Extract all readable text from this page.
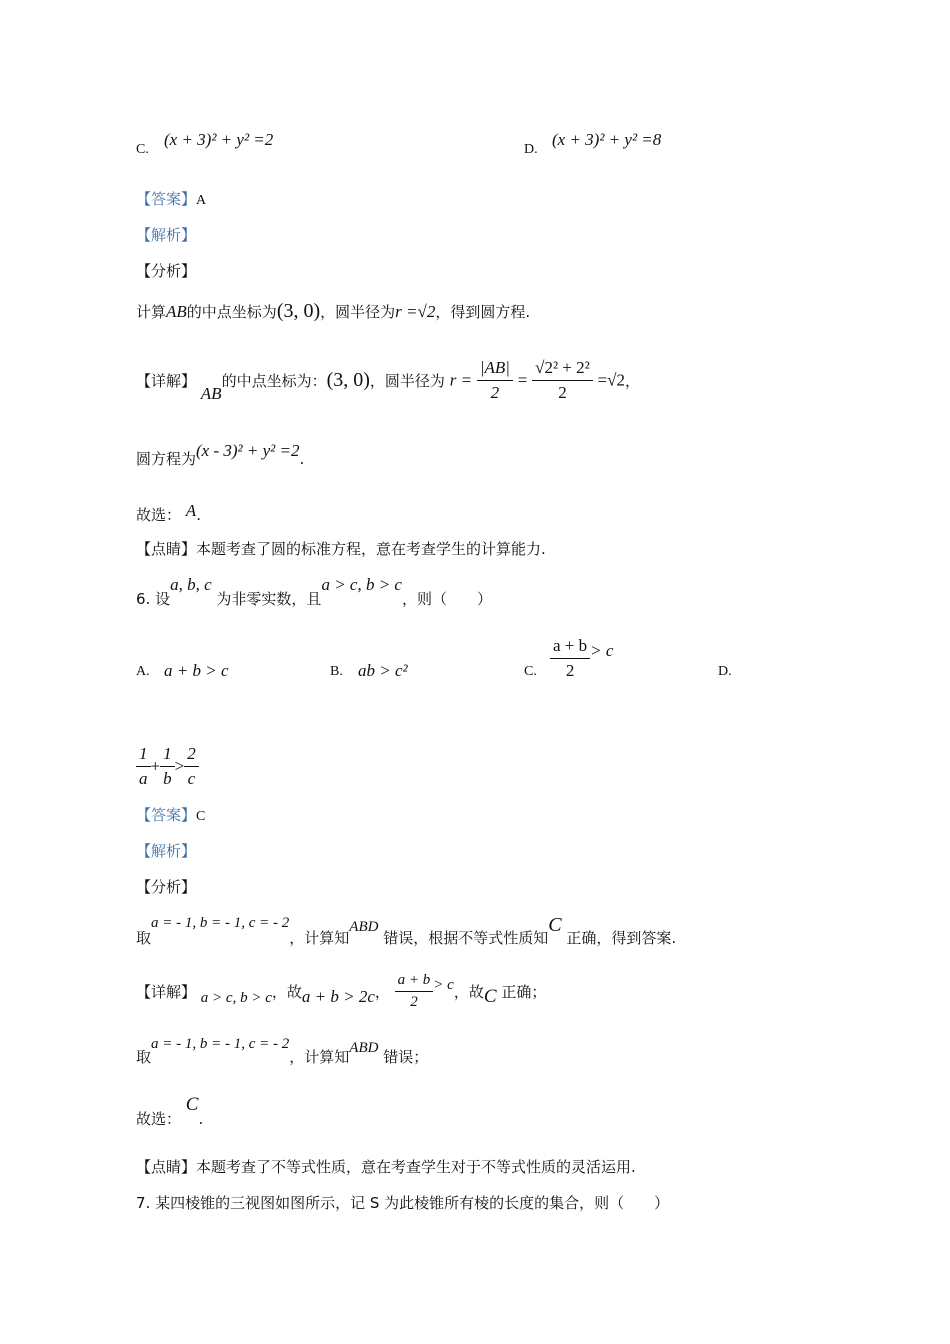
C.
(x + 3)² + y² =2
D.
(x + 3)² + y² =8
【答案】A
【解析】
【分析】
计算AB的中点坐标为(3, 0)，圆半径为r =√2，得到圆方程.
【详解】 AB的中点坐标为：(3, 0)，圆半径为 $r = \frac{|AB|}{2} = \frac{\text{√2² + 2²}}{2} =√2$，
圆方程为(x - 3)² + y² =2.
故选： A.
【点睛】本题考查了圆的标准方程，意在考查学生的计算能力.
6. 设a, b, c 为非零实数，且a > c, b > c，则（　　）
A. a + b > c	B. ab > c²	C. $\frac{a + b}{2} > c$
D.
$\frac{1}{a} + \frac{1}{b} > \frac{2}{c}$
【答案】C
【解析】
【分析】
取a = - 1, b = - 1, c = - 2，计算知ABD 错误，根据不等式性质知C 正确，得到答案.
【详解】 a > c, b > c，故a + b > 2c， $\frac{a + b}{2} > c$，故C 正确；
取a = - 1, b = - 1, c = - 2，计算知ABD 错误；
故选： C.
【点睛】本题考查了不等式性质，意在考查学生对于不等式性质的灵活运用.
7. 某四棱锥的三视图如图所示，记 S 为此棱锥所有棱的长度的集合，则（　　）
